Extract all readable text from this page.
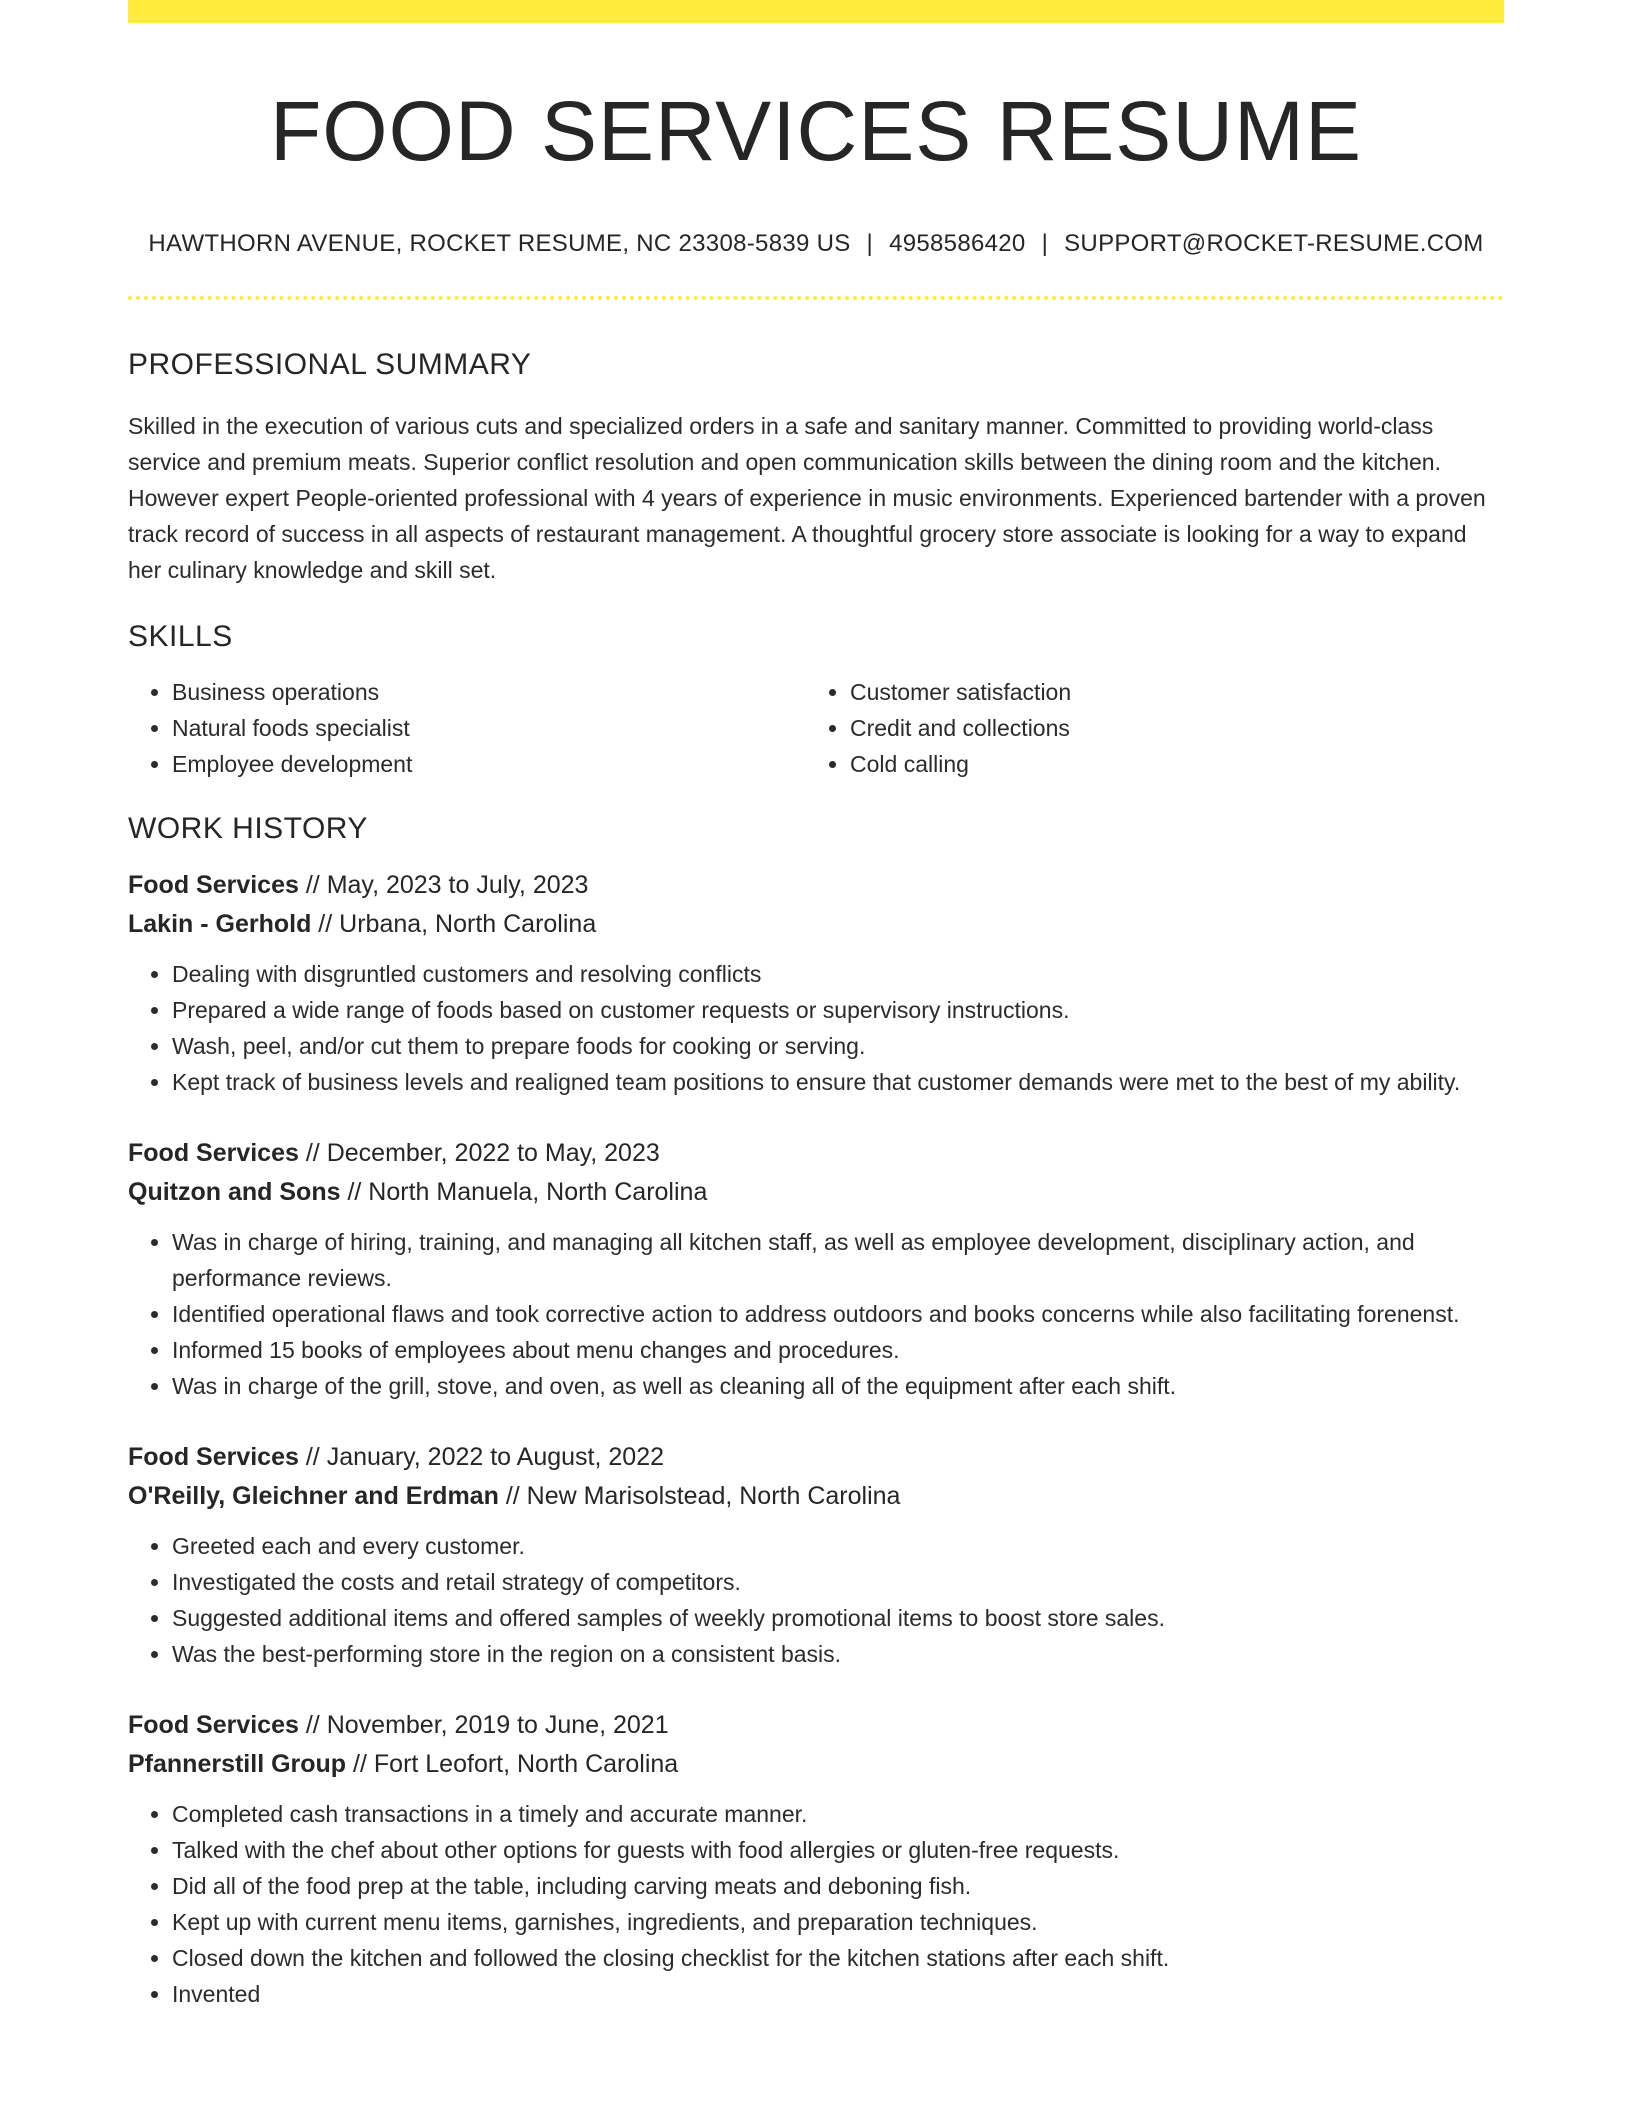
FOOD SERVICES RESUME
HAWTHORN AVENUE, ROCKET RESUME, NC 23308-5839 US | 4958586420 | SUPPORT@ROCKET-RESUME.COM
PROFESSIONAL SUMMARY

Skilled in the execution of various cuts and specialized orders in a safe and sanitary manner. Committed to providing world-class service and premium meats. Superior conflict resolution and open communication skills between the dining room and the kitchen. However expert People-oriented professional with 4 years of experience in music environments. Experienced bartender with a proven track record of success in all aspects of restaurant management. A thoughtful grocery store associate is looking for a way to expand her culinary knowledge and skill set.

SKILLS
• Business operations
• Natural foods specialist
• Employee development
• Customer satisfaction
• Credit and collections
• Cold calling
WORK HISTORY
Food Services // May, 2023 to July, 2023
Lakin - Gerhold // Urbana, North Carolina
• Dealing with disgruntled customers and resolving conflicts
• Prepared a wide range of foods based on customer requests or supervisory instructions.
• Wash, peel, and/or cut them to prepare foods for cooking or serving.
• Kept track of business levels and realigned team positions to ensure that customer demands were met to the best of my ability.
Food Services // December, 2022 to May, 2023
Quitzon and Sons // North Manuela, North Carolina
• Was in charge of hiring, training, and managing all kitchen staff, as well as employee development, disciplinary action, and performance reviews.
• Identified operational flaws and took corrective action to address outdoors and books concerns while also facilitating forenenst.
• Informed 15 books of employees about menu changes and procedures.
• Was in charge of the grill, stove, and oven, as well as cleaning all of the equipment after each shift.
Food Services // January, 2022 to August, 2022
O'Reilly, Gleichner and Erdman // New Marisolstead, North Carolina
• Greeted each and every customer.
• Investigated the costs and retail strategy of competitors.
• Suggested additional items and offered samples of weekly promotional items to boost store sales.
• Was the best-performing store in the region on a consistent basis.
Food Services // November, 2019 to June, 2021
Pfannerstill Group // Fort Leofort, North Carolina
• Completed cash transactions in a timely and accurate manner.
• Talked with the chef about other options for guests with food allergies or gluten-free requests.
• Did all of the food prep at the table, including carving meats and deboning fish.
• Kept up with current menu items, garnishes, ingredients, and preparation techniques.
• Closed down the kitchen and followed the closing checklist for the kitchen stations after each shift.
• Invented
